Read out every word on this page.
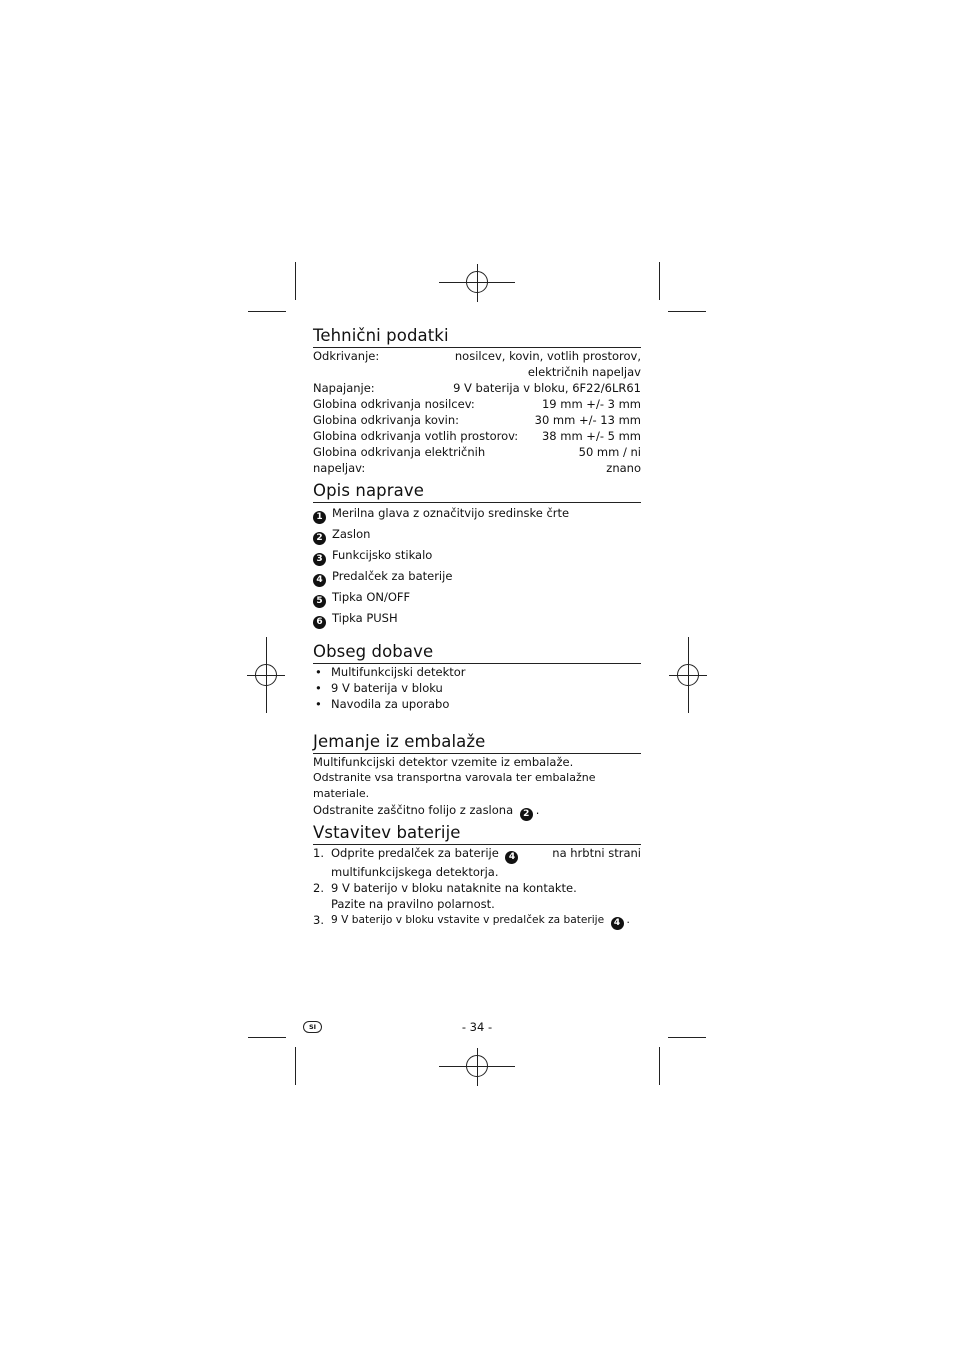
Tehnični podatki
Odkrivanje:	nosilcev, kovin, votlih prostorov,
električnih napeljav
Napajanje:	9 V baterija v bloku, 6F22/6LR61
Globina odkrivanja nosilcev:	19 mm +/- 3 mm
Globina odkrivanja kovin:	30 mm +/- 13 mm
Globina odkrivanja votlih prostorov: 38 mm +/- 5 mm
Globina odkrivanja električnih napeljav:
50 mm / ni znano
Opis naprave
1 Merilna glava z označitvijo sredinske črte
2 Zaslon
3 Funkcijsko stikalo
4 Predalček za baterije
5 Tipka ON/OFF
6 Tipka PUSH
Obseg dobave
• Multifunkcijski detektor
• 9 V baterija v bloku
• Navodila za uporabo
Jemanje iz embalaže
Multifunkcijski detektor vzemite iz embalaže.
Odstranite vsa transportna varovala ter embalažne materiale.
Odstranite zaščitno folijo z zaslona 2 .
Vstavitev baterije
1. Odprite predalček za baterije 4	na hrbtni strani
multifunkcijskega detektorja.
2. 9 V baterijo v bloku nataknite na kontakte.
Pazite na pravilno polarnost.
3. 9 V baterijo v bloku vstavite v predalček za baterije 4 .
SI	- 34 -
